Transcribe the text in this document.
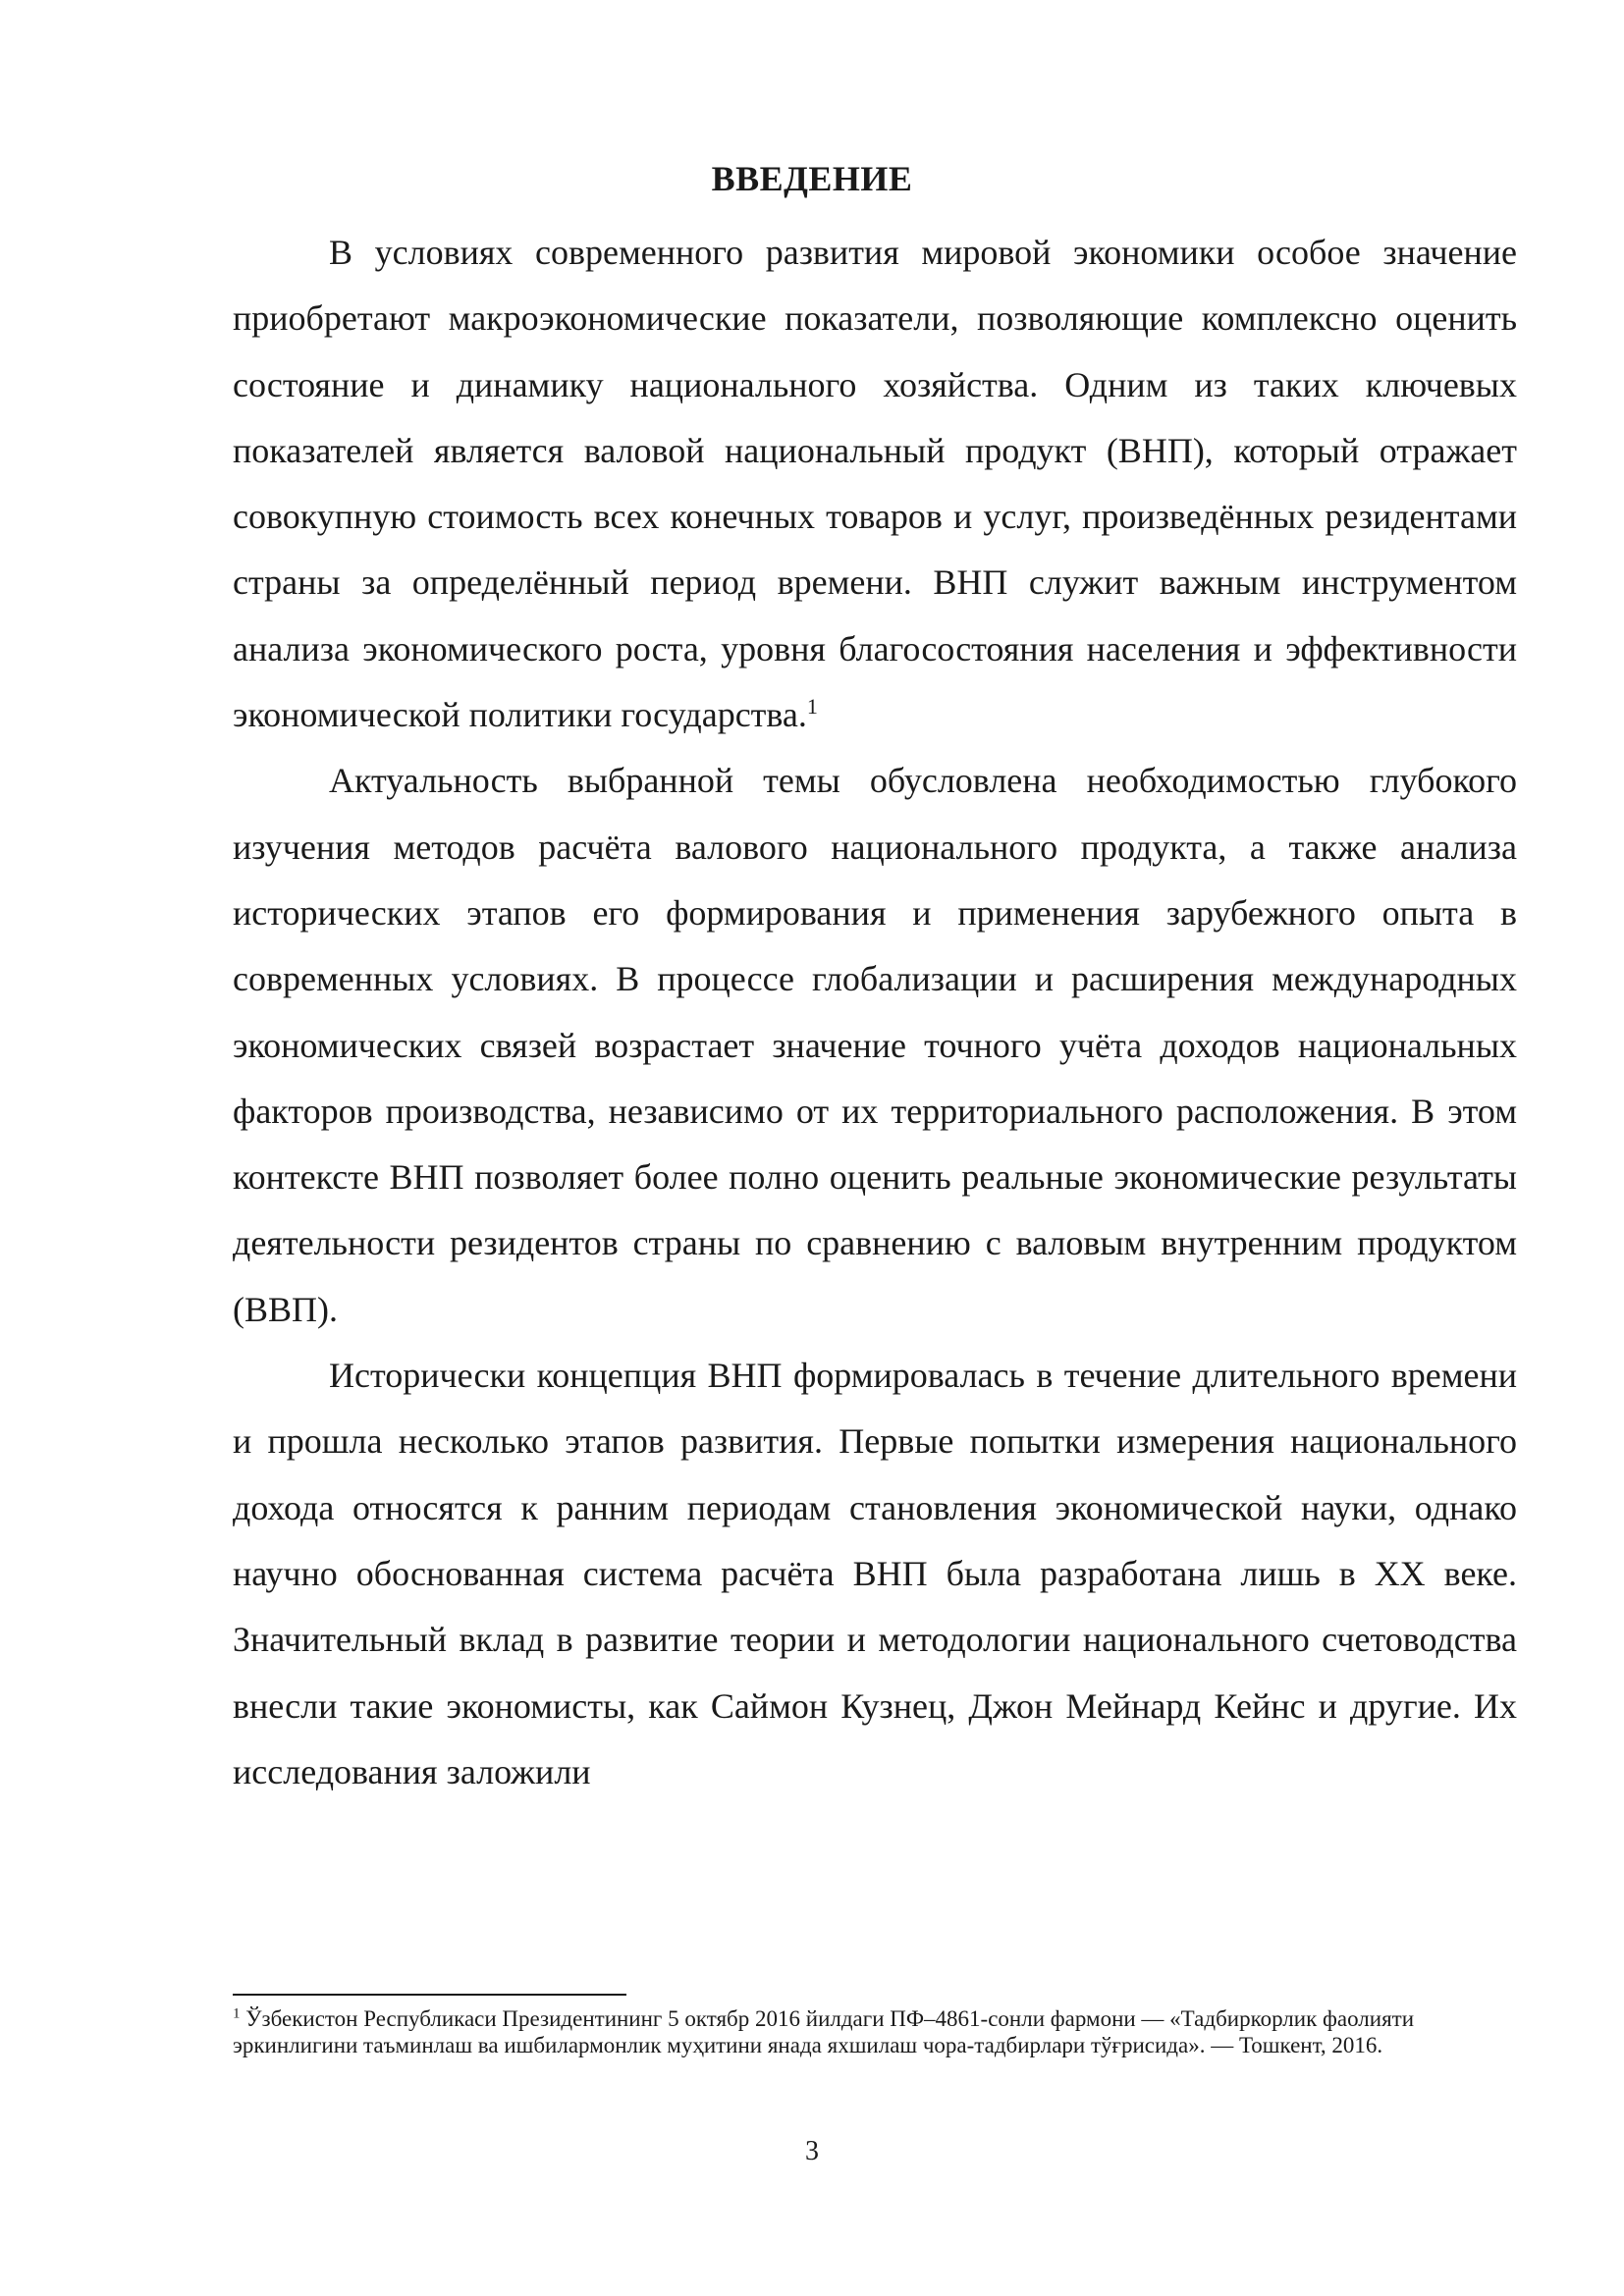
ВВЕДЕНИЕ

В условиях современного развития мировой экономики особое значение приобретают макроэкономические показатели, позволяющие комплексно оценить состояние и динамику национального хозяйства. Одним из таких ключевых показателей является валовой национальный продукт (ВНП), который отражает совокупную стоимость всех конечных товаров и услуг, произведённых резидентами страны за определённый период времени. ВНП служит важным инструментом анализа экономического роста, уровня благосостояния населения и эффективности экономической политики государства.$^1$

Актуальность выбранной темы обусловлена необходимостью глубокого изучения методов расчёта валового национального продукта, а также анализа исторических этапов его формирования и применения зарубежного опыта в современных условиях. В процессе глобализации и расширения международных экономических связей возрастает значение точного учёта доходов национальных факторов производства, независимо от их территориального расположения. В этом контексте ВНП позволяет более полно оценить реальные экономические результаты деятельности резидентов страны по сравнению с валовым внутренним продуктом (ВВП).

Исторически концепция ВНП формировалась в течение длительного времени и прошла несколько этапов развития. Первые попытки измерения национального дохода относятся к ранним периодам становления экономической науки, однако научно обоснованная система расчёта ВНП была разработана лишь в XX веке. Значительный вклад в развитие теории и методологии национального счетоводства внесли такие экономисты, как Саймон Кузнец, Джон Мейнард Кейнс и другие. Их исследования заложили

$^1$ Ўзбекистон Республикаси Президентининг 5 октябр 2016 йилдаги ПФ–4861-сонли фармони — «Тадбиркорлик фаолияти эркинлигини таъминлаш ва ишбилармонлик муҳитини янада яхшилаш чора-тадбирлари тўғрисида». — Тошкент, 2016.
3
